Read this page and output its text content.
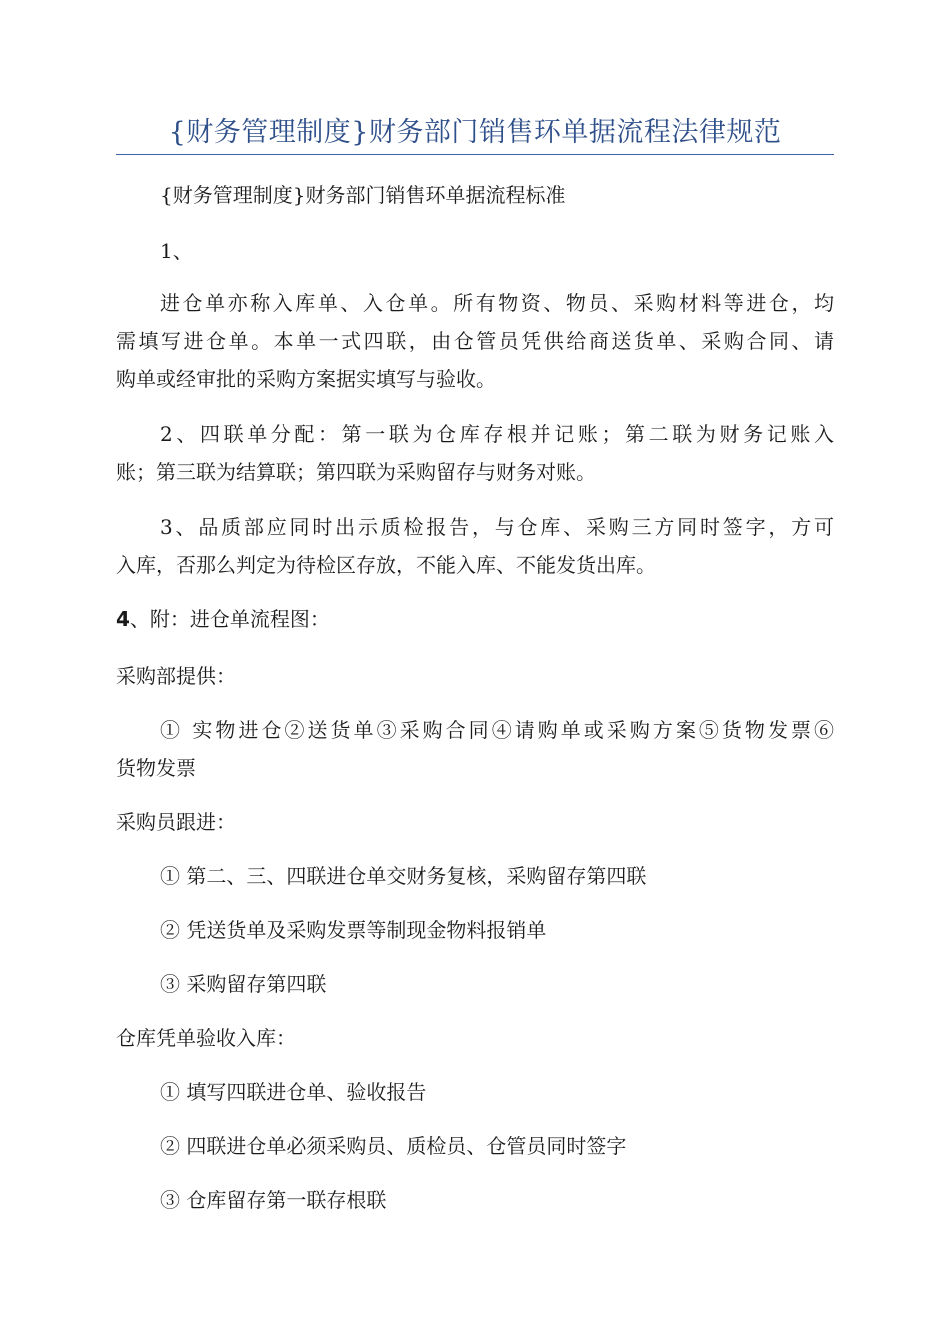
{财务管理制度}财务部门销售环单据流程法律规范
{财务管理制度}财务部门销售环单据流程标准
1、
进仓单亦称入库单、入仓单。所有物资、物员、采购材料等进仓，均
需填写进仓单。本单一式四联，由仓管员凭供给商送货单、采购合同、请
购单或经审批的采购方案据实填写与验收。
2、四联单分配：第一联为仓库存根并记账；第二联为财务记账入
账；第三联为结算联；第四联为采购留存与财务对账。
3、品质部应同时出示质检报告，与仓库、采购三方同时签字，方可
入库，否那么判定为待检区存放，不能入库、不能发货出库。
4、附：进仓单流程图：
采购部提供：
① 实物进仓②送货单③采购合同④请购单或采购方案⑤货物发票⑥
货物发票
采购员跟进：
① 第二、三、四联进仓单交财务复核，采购留存第四联
② 凭送货单及采购发票等制现金物料报销单
③ 采购留存第四联
仓库凭单验收入库：
① 填写四联进仓单、验收报告
② 四联进仓单必须采购员、质检员、仓管员同时签字
③ 仓库留存第一联存根联
